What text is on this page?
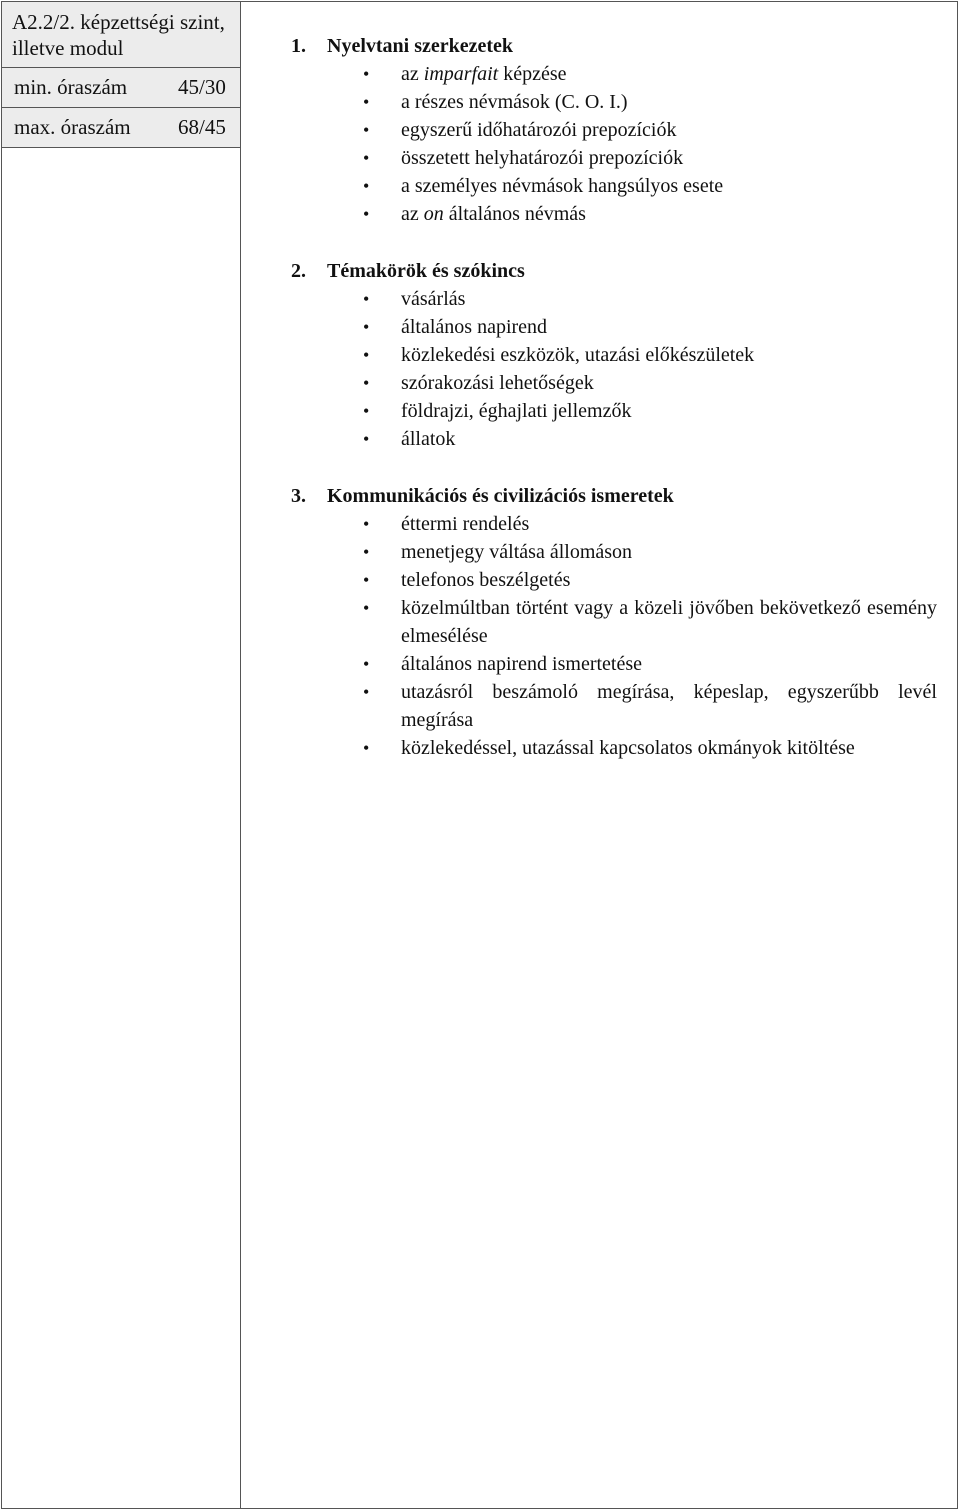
A2.2/2. képzettségi szint, illetve modul
min. óraszám 45/30
max. óraszám 68/45
1. Nyelvtani szerkezetek
• az imparfait képzése
• a részes névmások (C. O. I.)
• egyszerű időhatározói prepozíciók
• összetett helyhatározói prepozíciók
• a személyes névmások hangsúlyos esete
• az on általános névmás
2. Témakörök és szókincs
• vásárlás
• általános napirend
• közlekedési eszközök, utazási előkészületek
• szórakozási lehetőségek
• földrajzi, éghajlati jellemzők
• állatok
3. Kommunikációs és civilizációs ismeretek
• éttermi rendelés
• menetjegy váltása állomáson
• telefonos beszélgetés
• közelmúltban történt vagy a közeli jövőben bekövetkező esemény elmesélése
• általános napirend ismertetése
• utazásról beszámoló megírása, képeslap, egyszerűbb levél megírása
• közlekedéssel, utazással kapcsolatos okmányok kitöltése
